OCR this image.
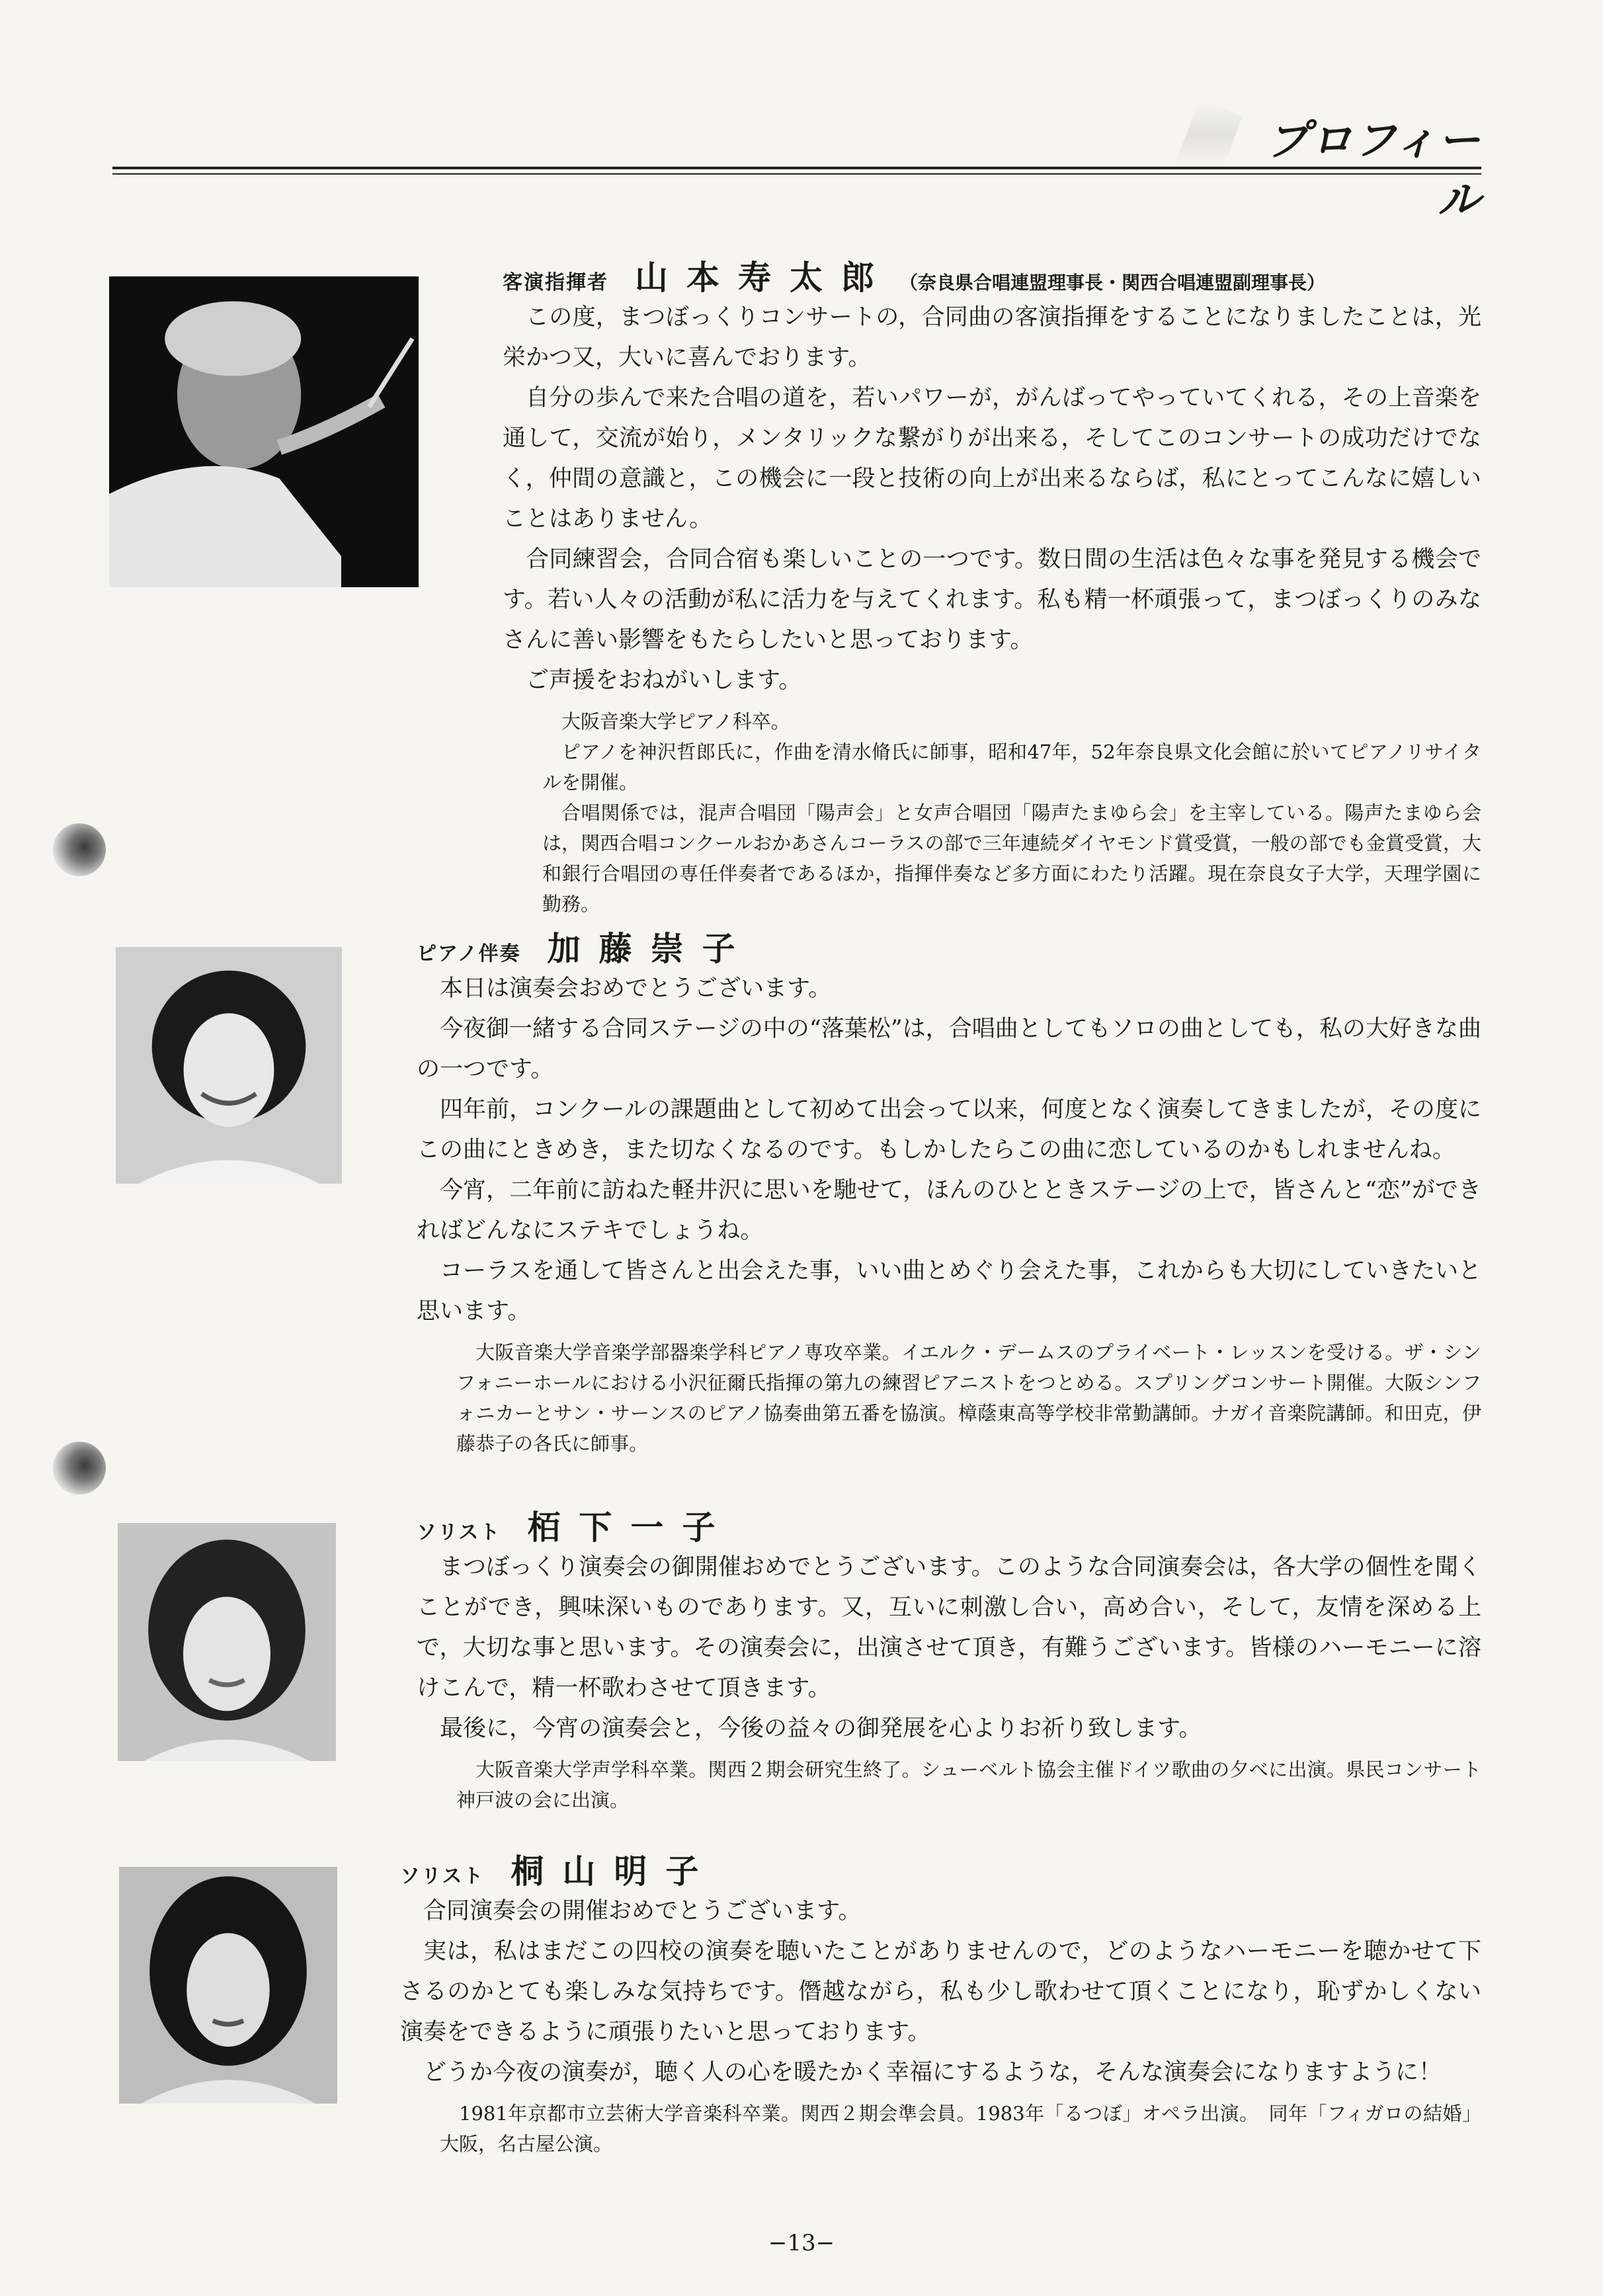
プロフィール
客演指揮者 山本寿太郎 （奈良県合唱連盟理事長・関西合唱連盟副理事長）

この度，まつぼっくりコンサートの，合同曲の客演指揮をすることになりましたことは，光栄かつ又，大いに喜んでおります。

自分の歩んで来た合唱の道を，若いパワーが，がんばってやっていてくれる，その上音楽を通して，交流が始り，メンタリックな繋がりが出来る，そしてこのコンサートの成功だけでなく，仲間の意識と，この機会に一段と技術の向上が出来るならば，私にとってこんなに嬉しいことはありません。

合同練習会，合同合宿も楽しいことの一つです。数日間の生活は色々な事を発見する機会です。若い人々の活動が私に活力を与えてくれます。私も精一杯頑張って，まつぼっくりのみなさんに善い影響をもたらしたいと思っております。

ご声援をおねがいします。

大阪音楽大学ピアノ科卒。

ピアノを神沢哲郎氏に，作曲を清水脩氏に師事，昭和47年，52年奈良県文化会館に於いてピアノリサイタルを開催。

合唱関係では，混声合唱団「陽声会」と女声合唱団「陽声たまゆら会」を主宰している。陽声たまゆら会は，関西合唱コンクールおかあさんコーラスの部で三年連続ダイヤモンド賞受賞，一般の部でも金賞受賞，大和銀行合唱団の専任伴奏者であるほか，指揮伴奏など多方面にわたり活躍。現在奈良女子大学，天理学園に勤務。

ピアノ伴奏 加藤崇子

本日は演奏会おめでとうございます。

今夜御一緒する合同ステージの中の“落葉松”は，合唱曲としてもソロの曲としても，私の大好きな曲の一つです。

四年前，コンクールの課題曲として初めて出会って以来，何度となく演奏してきましたが，その度にこの曲にときめき，また切なくなるのです。もしかしたらこの曲に恋しているのかもしれませんね。

今宵，二年前に訪ねた軽井沢に思いを馳せて，ほんのひとときステージの上で，皆さんと“恋”ができればどんなにステキでしょうね。

コーラスを通して皆さんと出会えた事，いい曲とめぐり会えた事，これからも大切にしていきたいと思います。

大阪音楽大学音楽学部器楽学科ピアノ専攻卒業。イエルク・デームスのプライベート・レッスンを受ける。ザ・シンフォニーホールにおける小沢征爾氏指揮の第九の練習ピアニストをつとめる。スプリングコンサート開催。大阪シンフォニカーとサン・サーンスのピアノ協奏曲第五番を協演。樟蔭東高等学校非常勤講師。ナガイ音楽院講師。和田克，伊藤恭子の各氏に師事。

ソリスト 栢下一子

まつぼっくり演奏会の御開催おめでとうございます。このような合同演奏会は，各大学の個性を聞くことができ，興味深いものであります。又，互いに刺激し合い，高め合い，そして，友情を深める上で，大切な事と思います。その演奏会に，出演させて頂き，有難うございます。皆様のハーモニーに溶けこんで，精一杯歌わさせて頂きます。

最後に，今宵の演奏会と，今後の益々の御発展を心よりお祈り致します。

大阪音楽大学声学科卒業。関西２期会研究生終了。シューベルト協会主催ドイツ歌曲の夕べに出演。県民コンサート神戸波の会に出演。

ソリスト 桐山明子

合同演奏会の開催おめでとうございます。

実は，私はまだこの四校の演奏を聴いたことがありませんので，どのようなハーモニーを聴かせて下さるのかとても楽しみな気持ちです。僭越ながら，私も少し歌わせて頂くことになり，恥ずかしくない演奏をできるように頑張りたいと思っております。

どうか今夜の演奏が，聴く人の心を暖たかく幸福にするような，そんな演奏会になりますように！

1981年京都市立芸術大学音楽科卒業。関西２期会準会員。1983年「るつぼ」オペラ出演。　同年「フィガロの結婚」大阪，名古屋公演。

−13−
